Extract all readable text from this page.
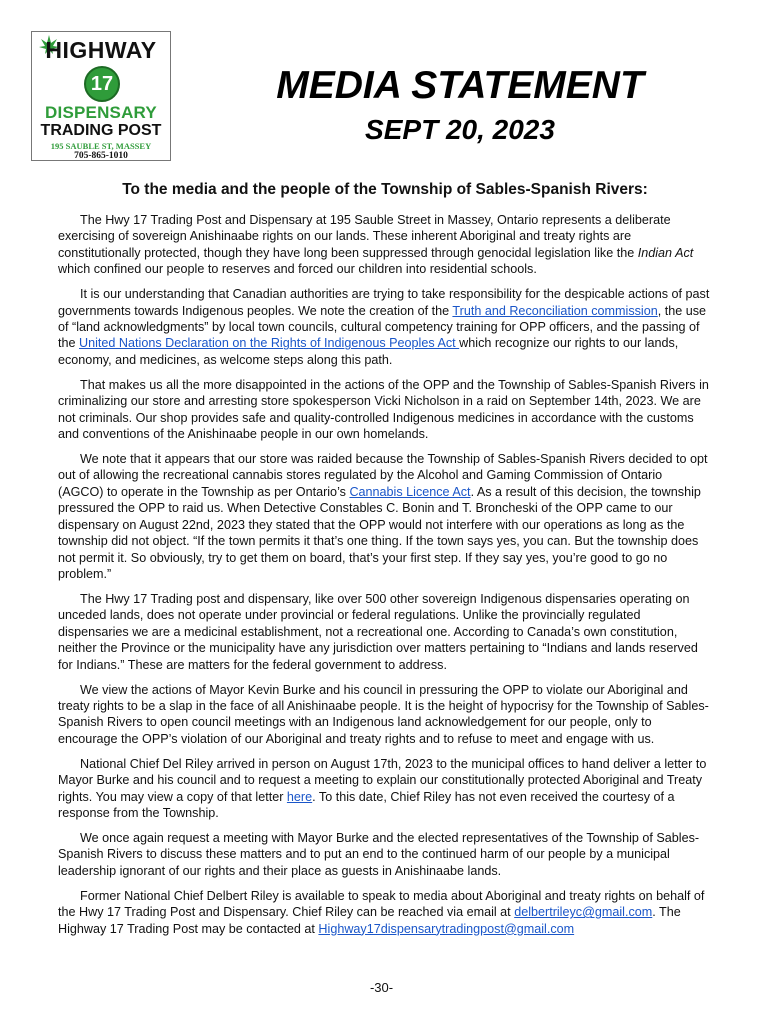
HIGHWAY
17
DISPENSARY
TRADING POST
195 SAUBLE ST, MASSEY
705-865-1010
MEDIA STATEMENT
SEPT 20, 2023
To the media and the people of the Township of Sables-Spanish Rivers:

The Hwy 17 Trading Post and Dispensary at 195 Sauble Street in Massey, Ontario represents a deliberate exercising of sovereign Anishinaabe rights on our lands. These inherent Aboriginal and treaty rights are constitutionally protected, though they have long been suppressed through genocidal legislation like the Indian Act which confined our people to reserves and forced our children into residential schools.

It is our understanding that Canadian authorities are trying to take responsibility for the despicable actions of past governments towards Indigenous peoples. We note the creation of the Truth and Reconciliation commission, the use of “land acknowledgments” by local town councils, cultural competency training for OPP officers, and the passing of the United Nations Declaration on the Rights of Indigenous Peoples Act which recognize our rights to our lands, economy, and medicines, as welcome steps along this path.

That makes us all the more disappointed in the actions of the OPP and the Township of Sables-Spanish Rivers in criminalizing our store and arresting store spokesperson Vicki Nicholson in a raid on September 14th, 2023. We are not criminals. Our shop provides safe and quality-controlled Indigenous medicines in accordance with the customs and conventions of the Anishinaabe people in our own homelands.

We note that it appears that our store was raided because the Township of Sables-Spanish Rivers decided to opt out of allowing the recreational cannabis stores regulated by the Alcohol and Gaming Commission of Ontario (AGCO) to operate in the Township as per Ontario’s Cannabis Licence Act. As a result of this decision, the township pressured the OPP to raid us. When Detective Constables C. Bonin and T. Broncheski of the OPP came to our dispensary on August 22nd, 2023 they stated that the OPP would not interfere with our operations as long as the township did not object. “If the town permits it that’s one thing. If the town says yes, you can. But the township does not permit it. So obviously, try to get them on board, that’s your first step. If they say yes, you’re good to go no problem.”

The Hwy 17 Trading post and dispensary, like over 500 other sovereign Indigenous dispensaries operating on unceded lands, does not operate under provincial or federal regulations. Unlike the provincially regulated dispensaries we are a medicinal establishment, not a recreational one. According to Canada’s own constitution, neither the Province or the municipality have any jurisdiction over matters pertaining to “Indians and lands reserved for Indians.” These are matters for the federal government to address.

We view the actions of Mayor Kevin Burke and his council in pressuring the OPP to violate our Aboriginal and treaty rights to be a slap in the face of all Anishinaabe people. It is the height of hypocrisy for the Township of Sables-Spanish Rivers to open council meetings with an Indigenous land acknowledgement for our people, only to encourage the OPP’s violation of our Aboriginal and treaty rights and to refuse to meet and engage with us.

National Chief Del Riley arrived in person on August 17th, 2023 to the municipal offices to hand deliver a letter to Mayor Burke and his council and to request a meeting to explain our constitutionally protected Aboriginal and Treaty rights. You may view a copy of that letter here. To this date, Chief Riley has not even received the courtesy of a response from the Township.

We once again request a meeting with Mayor Burke and the elected representatives of the Township of Sables-Spanish Rivers to discuss these matters and to put an end to the continued harm of our people by a municipal leadership ignorant of our rights and their place as guests in Anishinaabe lands.

Former National Chief Delbert Riley is available to speak to media about Aboriginal and treaty rights on behalf of the Hwy 17 Trading Post and Dispensary. Chief Riley can be reached via email at delbertrileyc@gmail.com. The Highway 17 Trading Post may be contacted at Highway17dispensarytradingpost@gmail.com

-30-
